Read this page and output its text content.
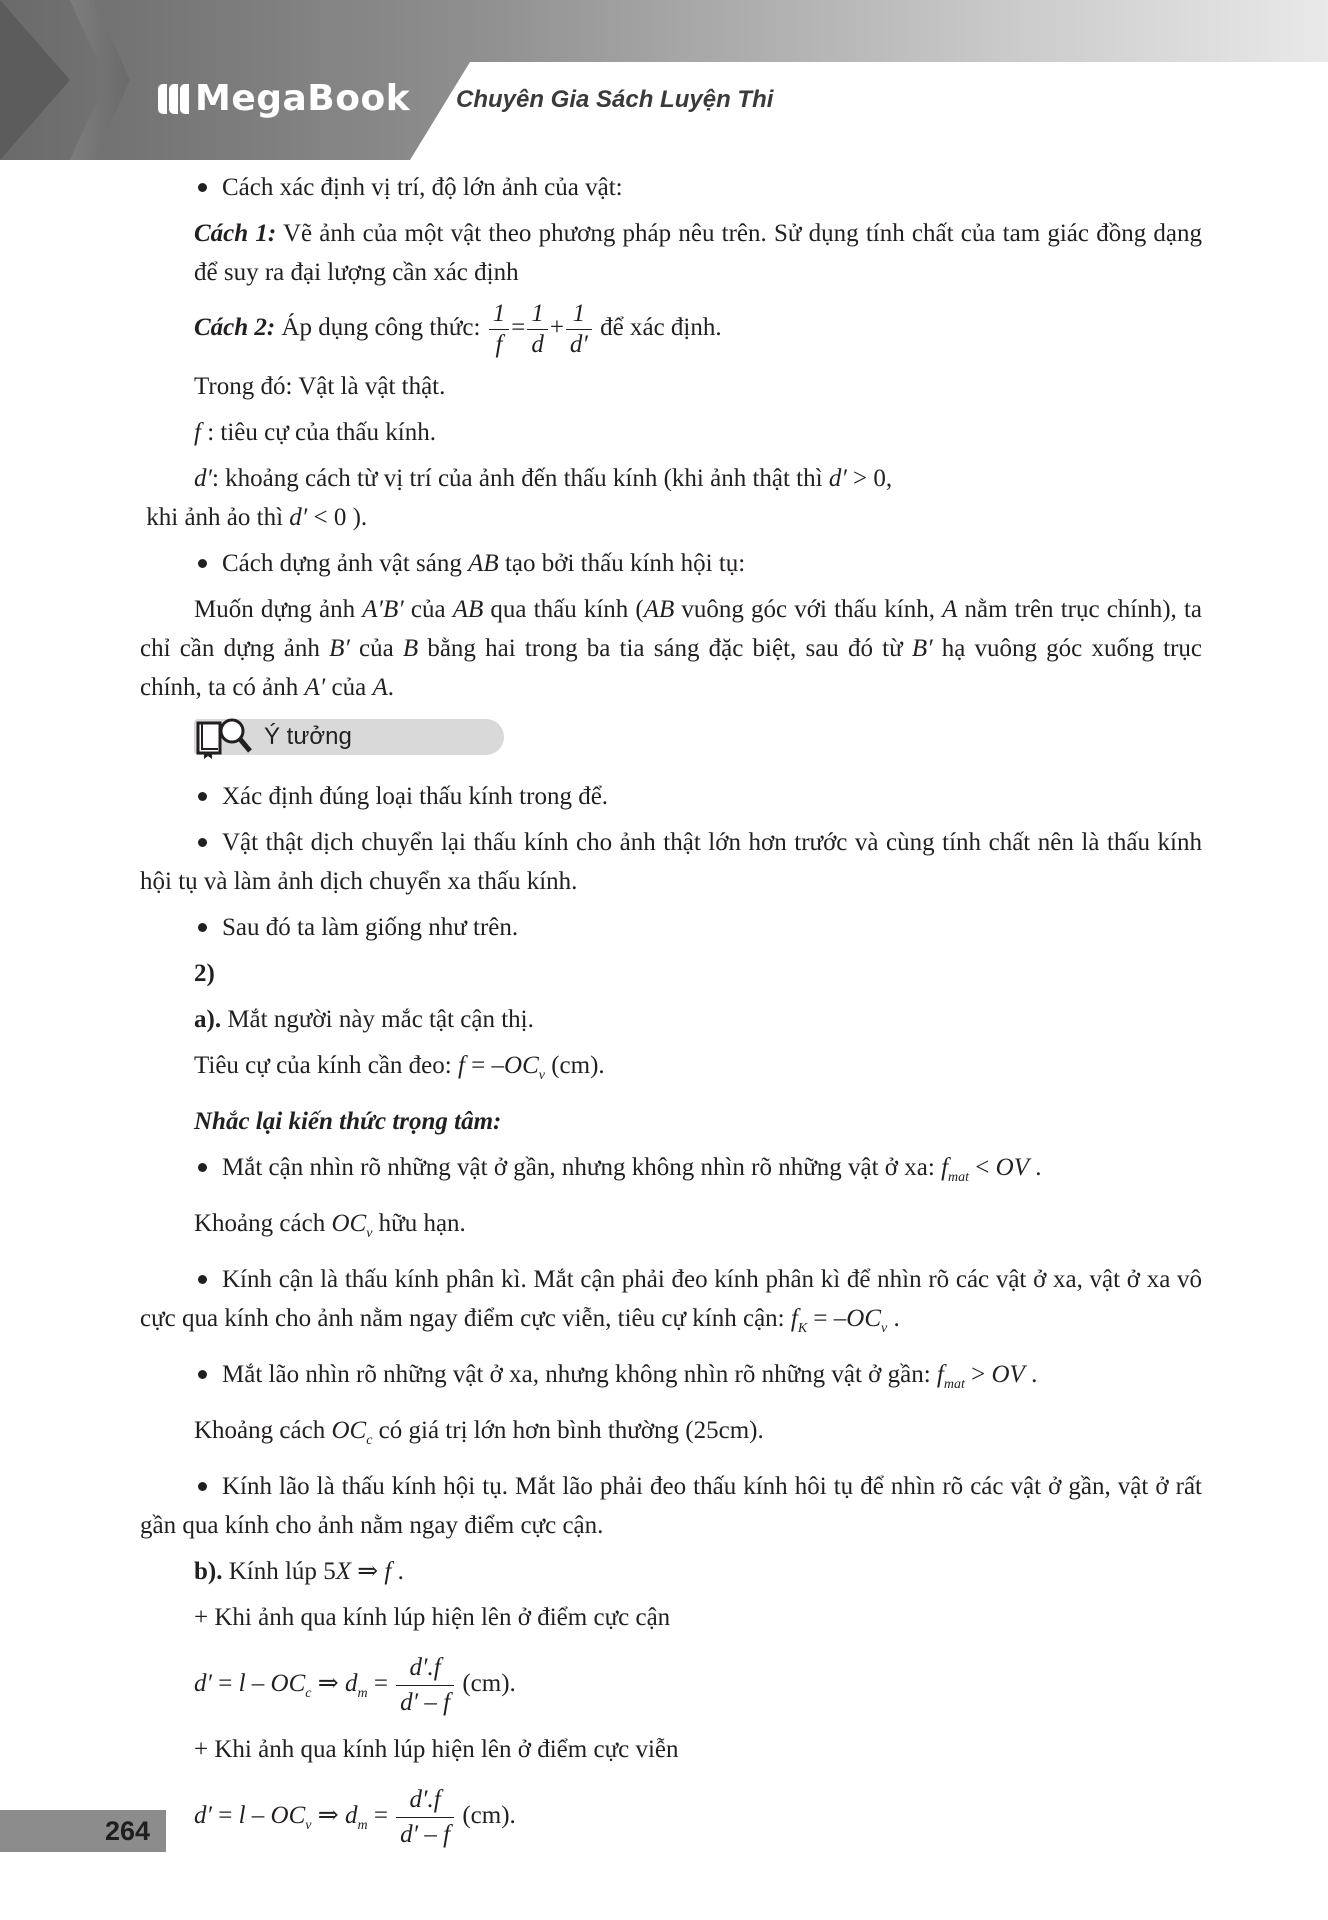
MegaBook Chuyên Gia Sách Luyện Thi

Cách xác định vị trí, độ lớn ảnh của vật:

Cách 1: Vẽ ảnh của một vật theo phương pháp nêu trên. Sử dụng tính chất của tam giác đồng dạng để suy ra đại lượng cần xác định

Cách 2: Áp dụng công thức: $\frac{1}{f} = \frac{1}{d} + \frac{1}{d'}$ để xác định.

Trong đó: Vật là vật thật.

f : tiêu cự của thấu kính.

d′: khoảng cách từ vị trí của ảnh đến thấu kính (khi ảnh thật thì d′ > 0,
khi ảnh ảo thì d′ < 0 ).

Cách dựng ảnh vật sáng AB tạo bởi thấu kính hội tụ:

Muốn dựng ảnh A′B′ của AB qua thấu kính (AB vuông góc với thấu kính, A nằm trên trục chính), ta chỉ cần dựng ảnh B′ của B bằng hai trong ba tia sáng đặc biệt, sau đó từ B′ hạ vuông góc xuống trục chính, ta có ảnh A′ của A.

Ý tưởng

Xác định đúng loại thấu kính trong để.

Vật thật dịch chuyển lại thấu kính cho ảnh thật lớn hơn trước và cùng tính chất nên là thấu kính hội tụ và làm ảnh dịch chuyển xa thấu kính.

Sau đó ta làm giống như trên.

2)

a). Mắt người này mắc tật cận thị.

Tiêu cự của kính cần đeo: $f = -OC_v$ (cm).

Nhắc lại kiến thức trọng tâm:

Mắt cận nhìn rõ những vật ở gần, nhưng không nhìn rõ những vật ở xa: $f_{mat}$ < OV .

Khoảng cách $OC_v$ hữu hạn.

Kính cận là thấu kính phân kì. Mắt cận phải đeo kính phân kì để nhìn rõ các vật ở xa, vật ở xa vô cực qua kính cho ảnh nằm ngay điểm cực viễn, tiêu cự kính cận: $f_K = -OC_v$ .

Mắt lão nhìn rõ những vật ở xa, nhưng không nhìn rõ những vật ở gần: $f_{mat}$ > OV .

Khoảng cách $OC_c$ có giá trị lớn hơn bình thường (25cm).

Kính lão là thấu kính hội tụ. Mắt lão phải đeo thấu kính hôi tụ để nhìn rõ các vật ở gần, vật ở rất gần qua kính cho ảnh nằm ngay điểm cực cận.

b). Kính lúp 5X ⇒ f .

+ Khi ảnh qua kính lúp hiện lên ở điểm cực cận

$d' = l - OC_c$ ⇒ $d_m = \frac{d'.f}{d' - f} (cm)$.

+ Khi ảnh qua kính lúp hiện lên ở điểm cực viễn

$d' = l - OC_v$ ⇒ $d_m = \frac{d'.f}{d' - f} (cm)$.
264
